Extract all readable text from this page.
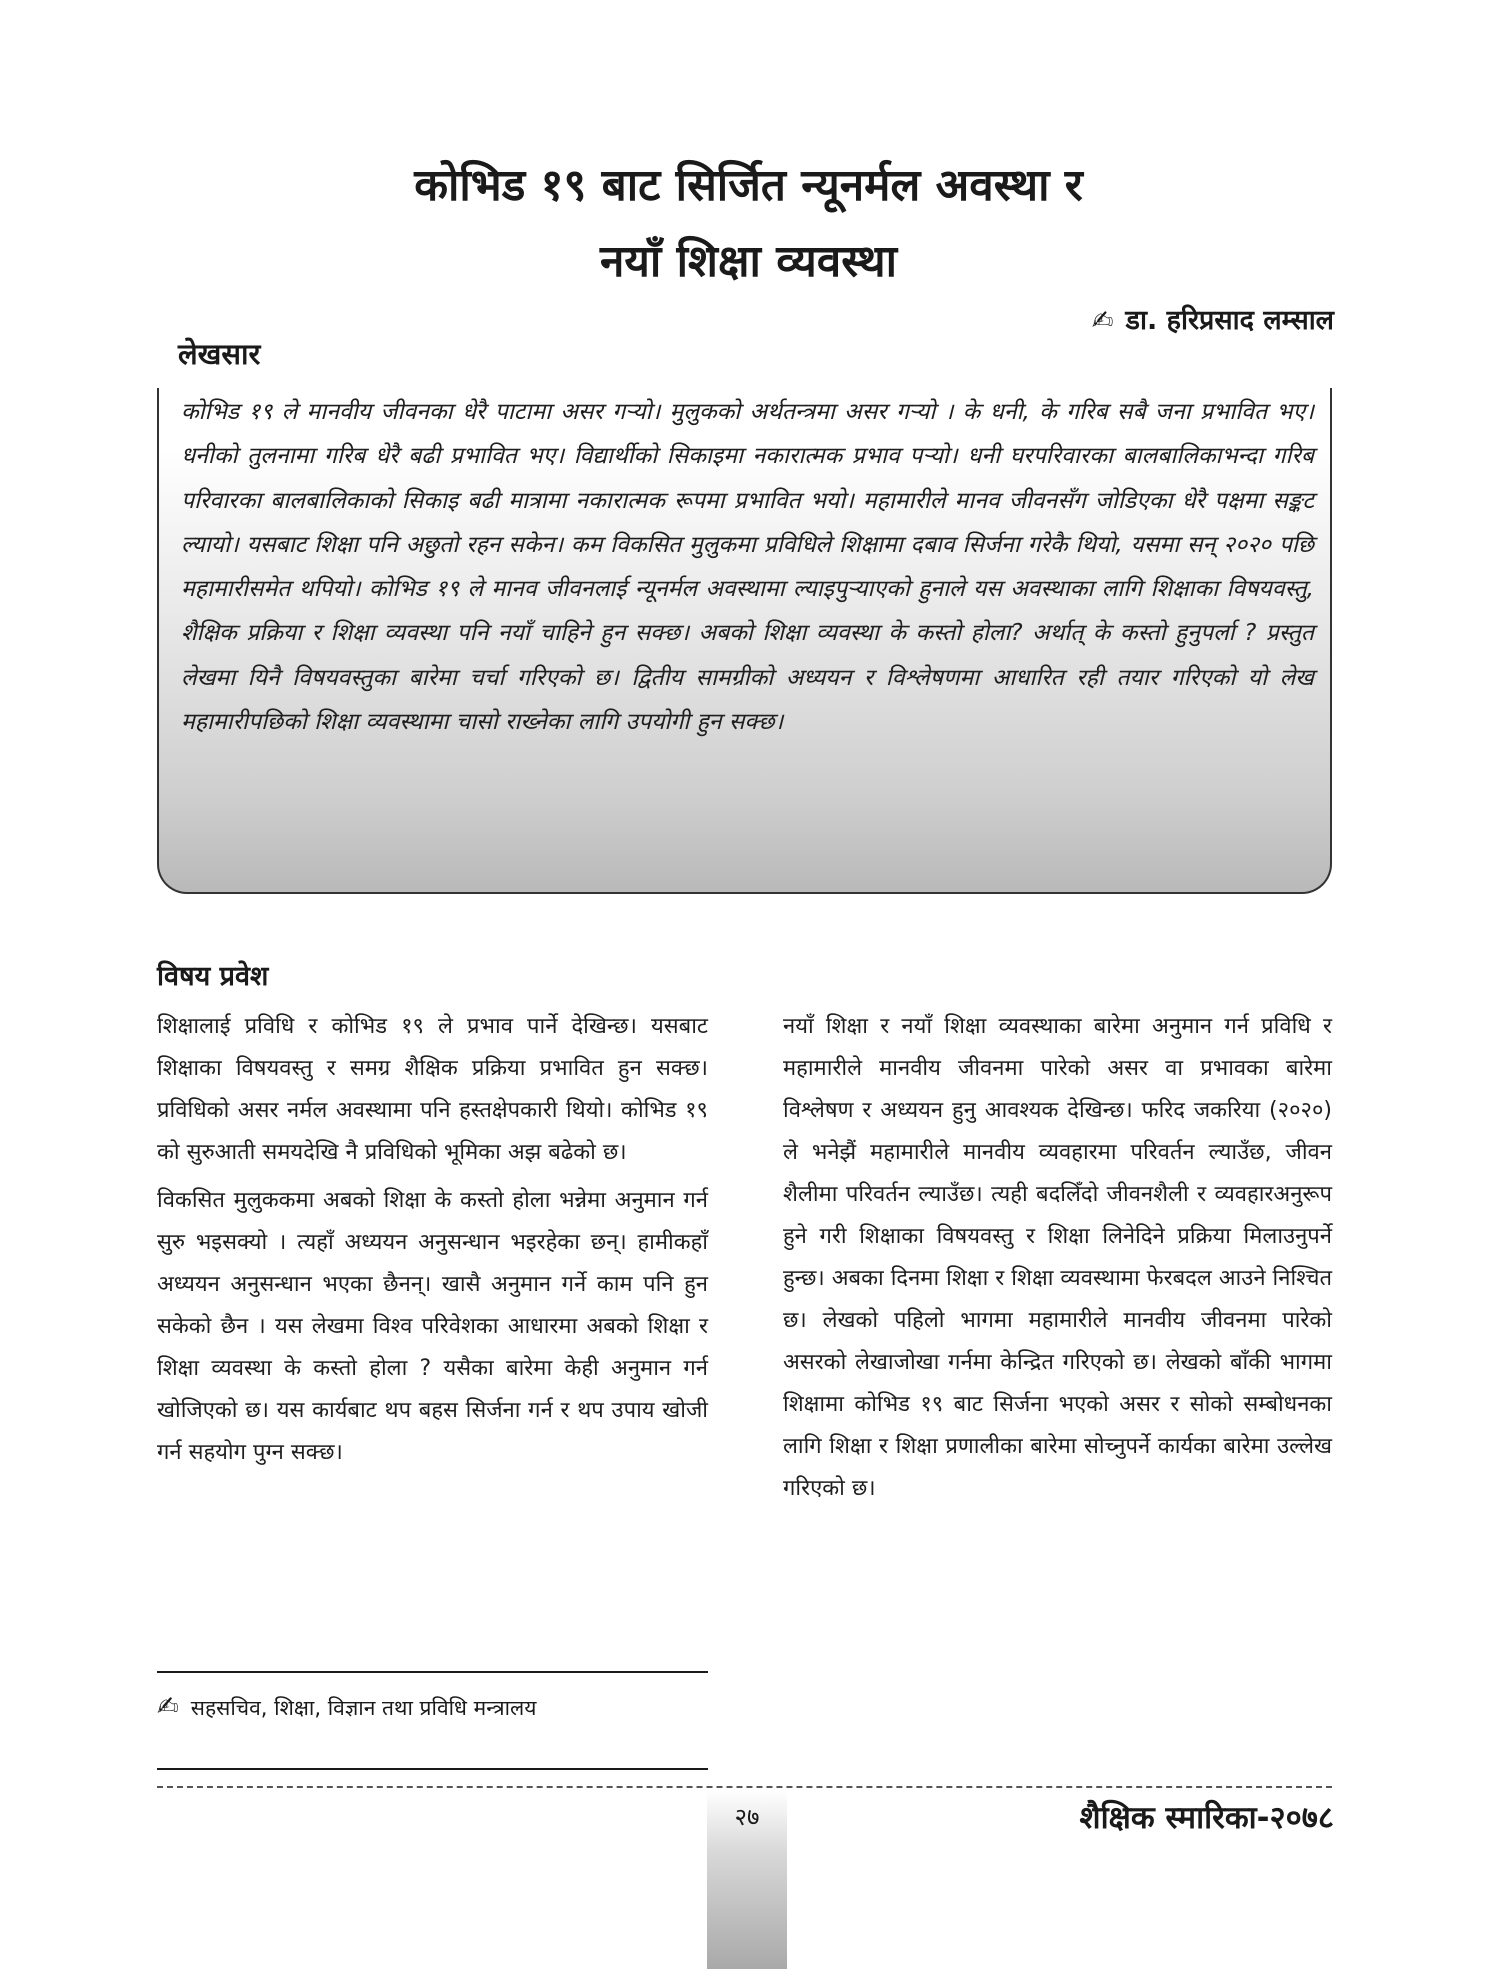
कोभिड १९ बाट सिर्जित न्यूनर्मल अवस्था र
नयाँ शिक्षा व्यवस्था
✍ डा. हरिप्रसाद लम्साल
लेखसार
कोभिड १९ ले मानवीय जीवनका धेरै पाटामा असर गर्‍यो। मुलुकको अर्थतन्त्रमा असर गर्‍यो । के धनी, के गरिब सबै जना प्रभावित भए। धनीको तुलनामा गरिब धेरै बढी प्रभावित भए। विद्यार्थीको सिकाइमा नकारात्मक प्रभाव पर्‍यो। धनी घरपरिवारका बालबालिकाभन्दा गरिब परिवारका बालबालिकाको सिकाइ बढी मात्रामा नकारात्मक रूपमा प्रभावित भयो। महामारीले मानव जीवनसँग जोडिएका धेरै पक्षमा सङ्कट ल्यायो। यसबाट शिक्षा पनि अछुतो रहन सकेन। कम विकसित मुलुकमा प्रविधिले शिक्षामा दबाव सिर्जना गरेकै थियो, यसमा सन् २०२० पछि महामारीसमेत थपियो। कोभिड १९ ले मानव जीवनलाई न्यूनर्मल अवस्थामा ल्याइपुर्‍याएको हुनाले यस अवस्थाका लागि शिक्षाका विषयवस्तु, शैक्षिक प्रक्रिया र शिक्षा व्यवस्था पनि नयाँ चाहिने हुन सक्छ। अबको शिक्षा व्यवस्था के कस्तो होला? अर्थात् के कस्तो हुनुपर्ला ? प्रस्तुत लेखमा यिनै विषयवस्तुका बारेमा चर्चा गरिएको छ। द्वितीय सामग्रीको अध्ययन र विश्लेषणमा आधारित रही तयार गरिएको यो लेख महामारीपछिको शिक्षा व्यवस्थामा चासो राख्नेका लागि उपयोगी हुन सक्छ।
विषय प्रवेश

शिक्षालाई प्रविधि र कोभिड १९ ले प्रभाव पार्ने देखिन्छ। यसबाट शिक्षाका विषयवस्तु र समग्र शैक्षिक प्रक्रिया प्रभावित हुन सक्छ। प्रविधिको असर नर्मल अवस्थामा पनि हस्तक्षेपकारी थियो। कोभिड १९ को सुरुआती समयदेखि नै प्रविधिको भूमिका अझ बढेको छ।

विकसित मुलुककमा अबको शिक्षा के कस्तो होला भन्नेमा अनुमान गर्न सुरु भइसक्यो । त्यहाँ अध्ययन अनुसन्धान भइरहेका छन्। हामीकहाँ अध्ययन अनुसन्धान भएका छैनन्। खासै अनुमान गर्ने काम पनि हुन सकेको छैन । यस लेखमा विश्व परिवेशका आधारमा अबको शिक्षा र शिक्षा व्यवस्था के कस्तो होला ? यसैका बारेमा केही अनुमान गर्न खोजिएको छ। यस कार्यबाट थप बहस सिर्जना गर्न र थप उपाय खोजी गर्न सहयोग पुग्न सक्छ।

नयाँ शिक्षा र नयाँ शिक्षा व्यवस्थाका बारेमा अनुमान गर्न प्रविधि र महामारीले मानवीय जीवनमा पारेको असर वा प्रभावका बारेमा विश्लेषण र अध्ययन हुनु आवश्यक देखिन्छ। फरिद जकरिया (२०२०) ले भनेझैं महामारीले मानवीय व्यवहारमा परिवर्तन ल्याउँछ, जीवन शैलीमा परिवर्तन ल्याउँछ। त्यही बदलिँदो जीवनशैली र व्यवहारअनुरूप हुने गरी शिक्षाका विषयवस्तु र शिक्षा लिनेदिने प्रक्रिया मिलाउनुपर्ने हुन्छ। अबका दिनमा शिक्षा र शिक्षा व्यवस्थामा फेरबदल आउने निश्चित छ। लेखको पहिलो भागमा महामारीले मानवीय जीवनमा पारेको असरको लेखाजोखा गर्नमा केन्द्रित गरिएको छ। लेखको बाँकी भागमा शिक्षामा कोभिड १९ बाट सिर्जना भएको असर र सोको सम्बोधनका लागि शिक्षा र शिक्षा प्रणालीका बारेमा सोच्नुपर्ने कार्यका बारेमा उल्लेख गरिएको छ।

✍ सहसचिव, शिक्षा, विज्ञान तथा प्रविधि मन्त्रालय
२७	शैक्षिक स्मारिका-२०७८
